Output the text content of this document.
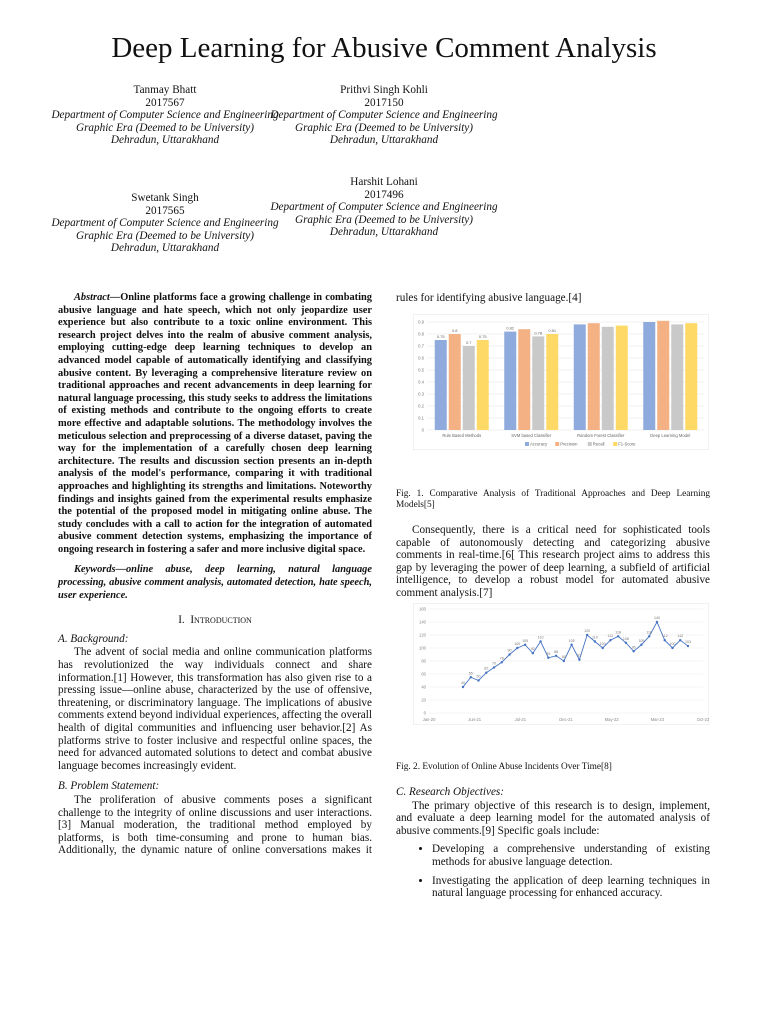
Deep Learning for Abusive Comment Analysis
Tanmay Bhatt
2017567
Department of Computer Science and Engineering
Graphic Era (Deemed to be University)
Dehradun, Uttarakhand
Prithvi Singh Kohli
2017150
Department of Computer Science and Engineering
Graphic Era (Deemed to be University)
Dehradun, Uttarakhand
Swetank Singh
2017565
Department of Computer Science and Engineering
Graphic Era (Deemed to be University)
Dehradun, Uttarakhand
Harshit Lohani
2017496
Department of Computer Science and Engineering
Graphic Era (Deemed to be University)
Dehradun, Uttarakhand

Abstract—Online platforms face a growing challenge in combating abusive language and hate speech, which not only jeopardize user experience but also contribute to a toxic online environment. This research project delves into the realm of abusive comment analysis, employing cutting-edge deep learning techniques to develop an advanced model capable of automatically identifying and classifying abusive content. By leveraging a comprehensive literature review on traditional approaches and recent advancements in deep learning for natural language processing, this study seeks to address the limitations of existing methods and contribute to the ongoing efforts to create more effective and adaptable solutions. The methodology involves the meticulous selection and preprocessing of a diverse dataset, paving the way for the implementation of a carefully chosen deep learning architecture. The results and discussion section presents an in-depth analysis of the model's performance, comparing it with traditional approaches and highlighting its strengths and limitations. Noteworthy findings and insights gained from the experimental results emphasize the potential of the proposed model in mitigating online abuse. The study concludes with a call to action for the integration of automated abusive comment detection systems, emphasizing the importance of ongoing research in fostering a safer and more inclusive digital space.

Keywords—online abuse, deep learning, natural language processing, abusive comment analysis, automated detection, hate speech, user experience.

I. Introduction

A. Background:

The advent of social media and online communication platforms has revolutionized the way individuals connect and share information.[1] However, this transformation has also given rise to a pressing issue—online abuse, characterized by the use of offensive, threatening, or discriminatory language. The implications of abusive comments extend beyond individual experiences, affecting the overall health of digital communities and influencing user behavior.[2] As platforms strive to foster inclusive and respectful online spaces, the need for advanced automated solutions to detect and combat abusive language becomes increasingly evident.

B. Problem Statement:

The proliferation of abusive comments poses a significant challenge to the integrity of online discussions and user interactions.[3] Manual moderation, the traditional method employed by platforms, is both time-consuming and prone to human bias. Additionally, the dynamic nature of online conversations makes it

rules for identifying abusive language.[4]

0
0.1
0.2
0.3
0.4
0.5
0.6
0.7
0.8
0.9
0.75
0.8
0.7
0.75
Rule Based Methods
0.82
0.78 0.81
SVM based Classifier	Random Forest Classifier	Deep Learning Model
Accuracy	Precision	Recall	F1-Score
Fig. 1. Comparative Analysis of Traditional Approaches and Deep Learning Models[5]

Consequently, there is a critical need for sophisticated tools capable of autonomously detecting and categorizing abusive comments in real-time.[6[ This research project aims to address this gap by leveraging the power of deep learning, a subfield of artificial intelligence, to develop a robust model for automated abusive comment analysis.[7]

0
20
40
60
80
100
120
140
160
40
55
50
62
70
78
90
100
105
92
110
85 88
80
105
82
120
110
100
112
118
108
95
105
118
140
112
100
112
103
Jan-20	Jun-21	Jul-21	Dec-21	May-22	Mar-23	Oct-23
Fig. 2. Evolution of Online Abuse Incidents Over Time[8]

C. Research Objectives:

The primary objective of this research is to design, implement, and evaluate a deep learning model for the automated analysis of abusive comments.[9] Specific goals include:

• Developing a comprehensive understanding of existing methods for abusive language detection.
• Investigating the application of deep learning techniques in natural language processing for enhanced accuracy.
